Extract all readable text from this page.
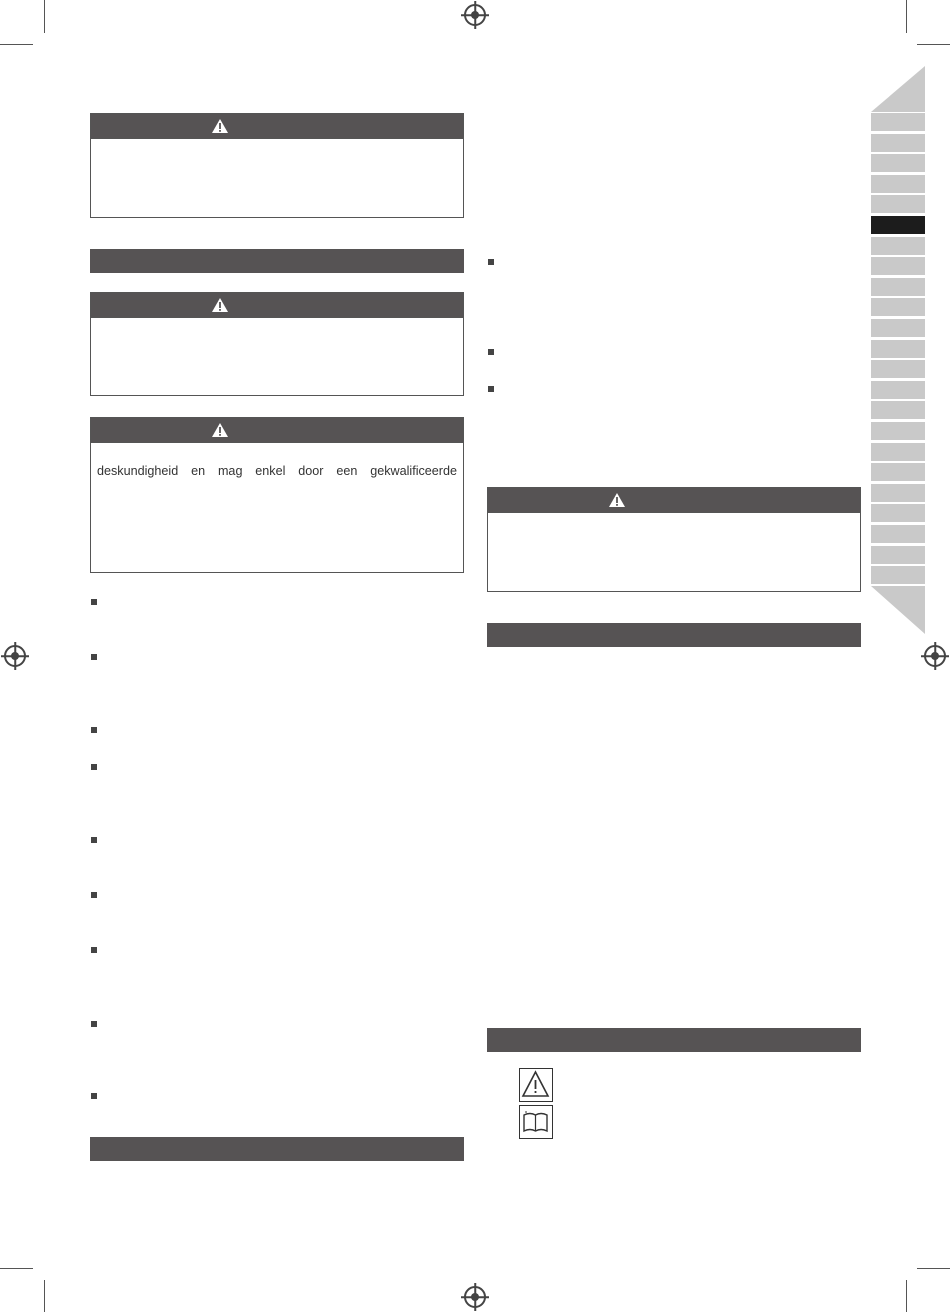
deskundigheid en mag enkel door een gekwalificeerde
